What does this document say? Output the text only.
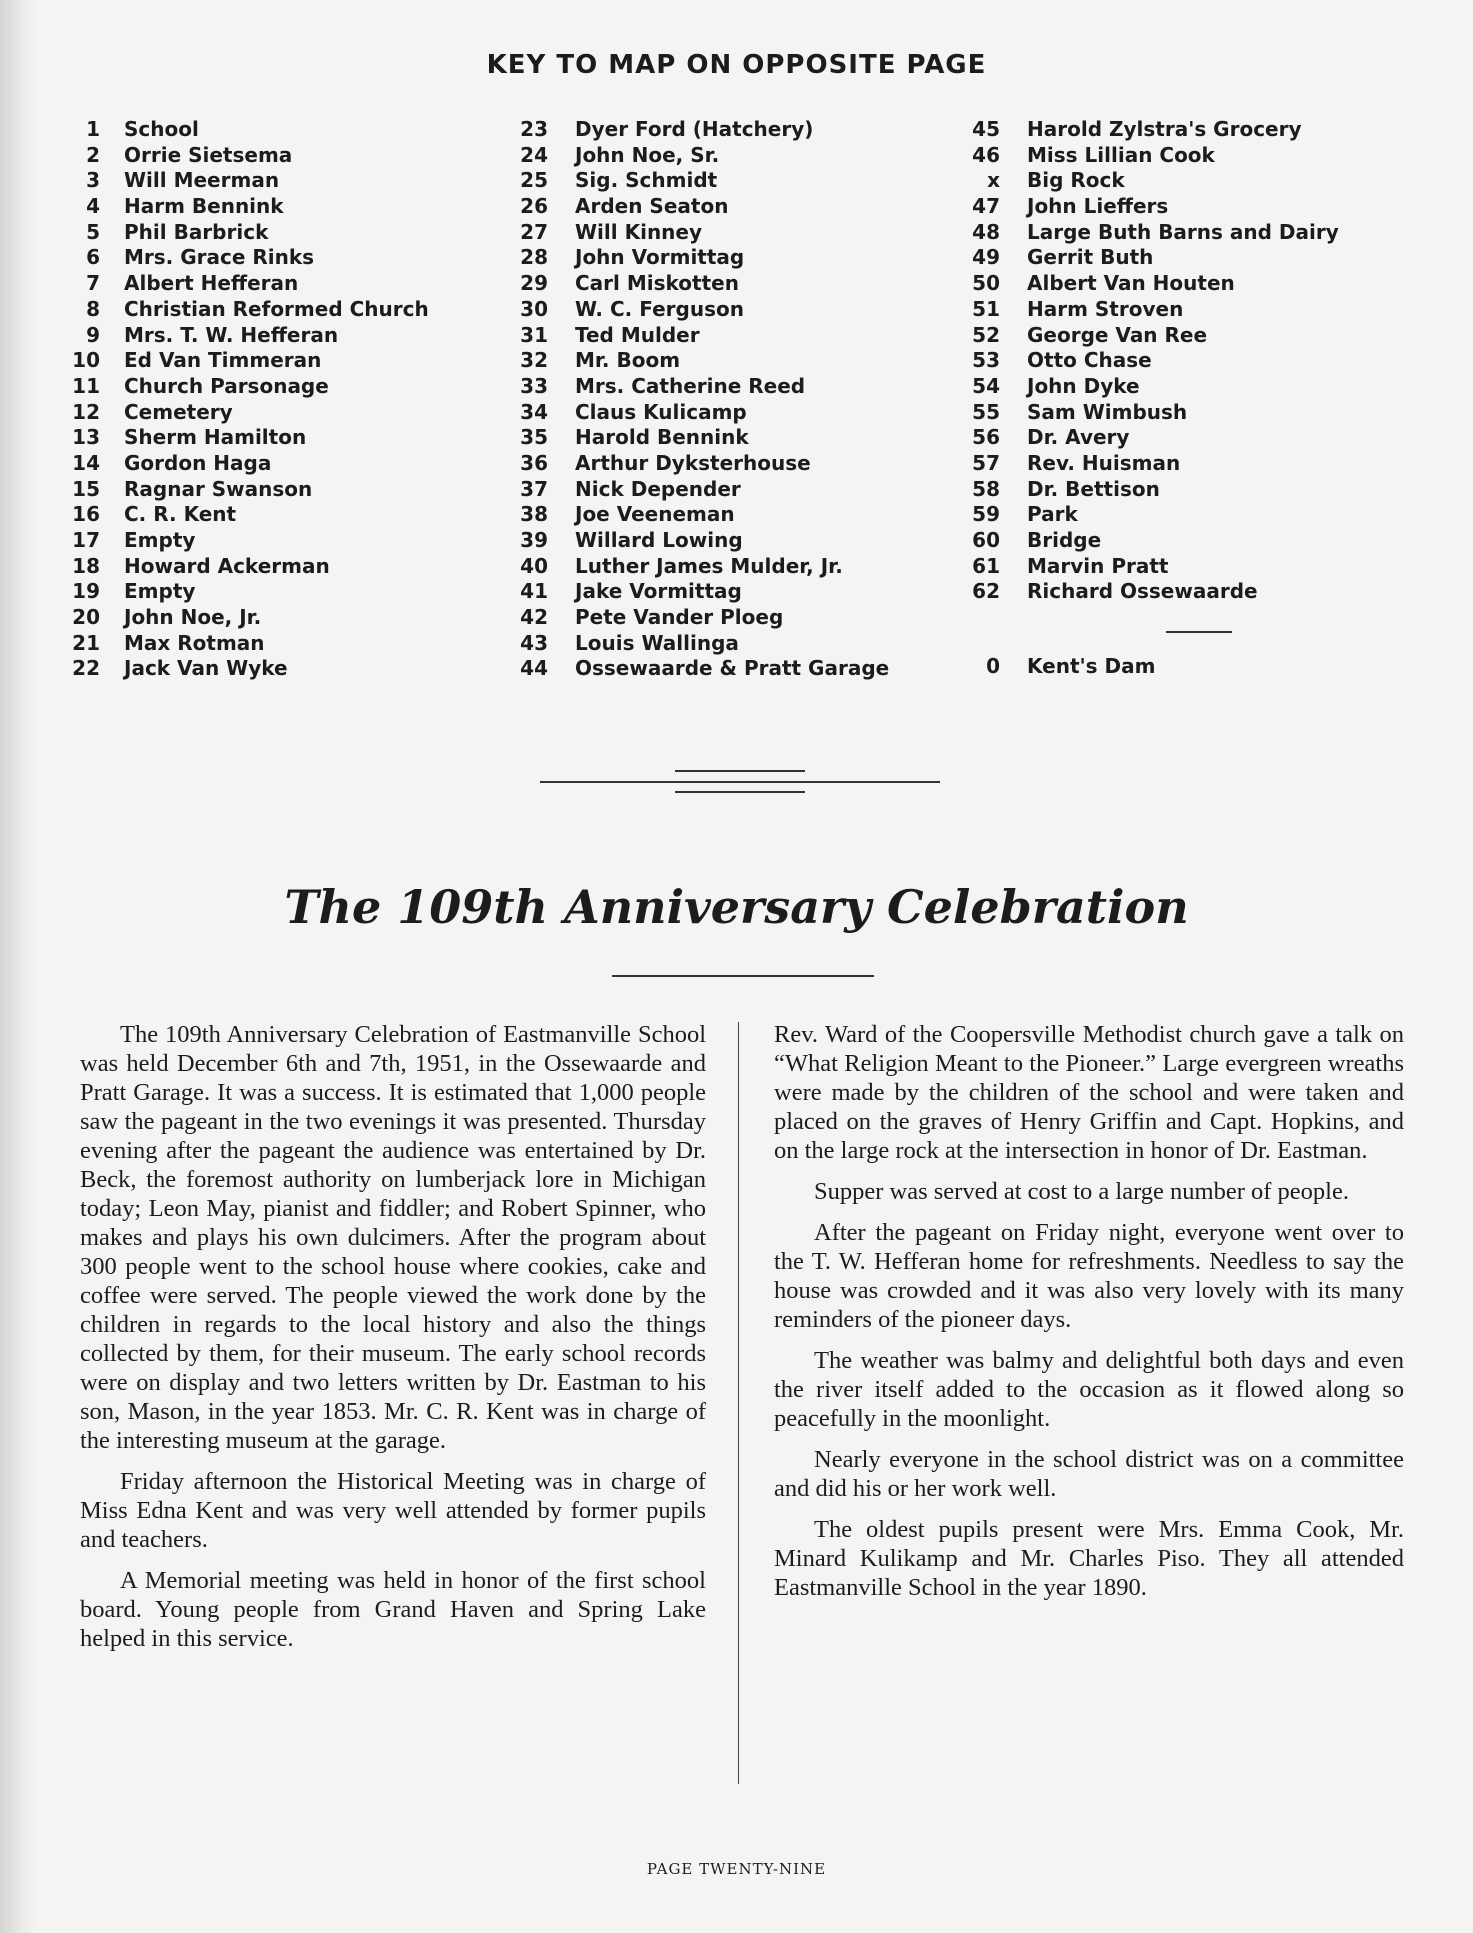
KEY TO MAP ON OPPOSITE PAGE
1 School
2 Orrie Sietsema
3 Will Meerman
4 Harm Bennink
5 Phil Barbrick
6 Mrs. Grace Rinks
7 Albert Hefferan
8 Christian Reformed Church
9 Mrs. T. W. Hefferan
10 Ed Van Timmeran
11 Church Parsonage
12 Cemetery
13 Sherm Hamilton
14 Gordon Haga
15 Ragnar Swanson
16 C. R. Kent
17 Empty
18 Howard Ackerman
19 Empty
20 John Noe, Jr.
21 Max Rotman
22 Jack Van Wyke
23 Dyer Ford (Hatchery)
24 John Noe, Sr.
25 Sig. Schmidt
26 Arden Seaton
27 Will Kinney
28 John Vormittag
29 Carl Miskotten
30 W. C. Ferguson
31 Ted Mulder
32 Mr. Boom
33 Mrs. Catherine Reed
34 Claus Kulicamp
35 Harold Bennink
36 Arthur Dyksterhouse
37 Nick Depender
38 Joe Veeneman
39 Willard Lowing
40 Luther James Mulder, Jr.
41 Jake Vormittag
42 Pete Vander Ploeg
43 Louis Wallinga
44 Ossewaarde & Pratt Garage
45 Harold Zylstra's Grocery
46 Miss Lillian Cook
x Big Rock
47 John Lieffers
48 Large Buth Barns and Dairy
49 Gerrit Buth
50 Albert Van Houten
51 Harm Stroven
52 George Van Ree
53 Otto Chase
54 John Dyke
55 Sam Wimbush
56 Dr. Avery
57 Rev. Huisman
58 Dr. Bettison
59 Park
60 Bridge
61 Marvin Pratt
62 Richard Ossewaarde
0 Kent's Dam
The 109th Anniversary Celebration

The 109th Anniversary Celebration of Eastmanville School was held December 6th and 7th, 1951, in the Ossewaarde and Pratt Garage. It was a success. It is estimated that 1,000 people saw the pageant in the two evenings it was presented. Thursday evening after the pageant the audience was entertained by Dr. Beck, the foremost authority on lumberjack lore in Michigan today; Leon May, pianist and fiddler; and Robert Spinner, who makes and plays his own dulcimers. After the program about 300 people went to the school house where cookies, cake and coffee were served. The people viewed the work done by the children in regards to the local history and also the things collected by them, for their museum. The early school records were on display and two letters written by Dr. Eastman to his son, Mason, in the year 1853. Mr. C. R. Kent was in charge of the interesting museum at the garage.

Friday afternoon the Historical Meeting was in charge of Miss Edna Kent and was very well attended by former pupils and teachers.

A Memorial meeting was held in honor of the first school board. Young people from Grand Haven and Spring Lake helped in this service.

Rev. Ward of the Coopersville Methodist church gave a talk on “What Religion Meant to the Pioneer.” Large evergreen wreaths were made by the children of the school and were taken and placed on the graves of Henry Griffin and Capt. Hopkins, and on the large rock at the intersection in honor of Dr. Eastman.

Supper was served at cost to a large number of people.

After the pageant on Friday night, everyone went over to the T. W. Hefferan home for refreshments. Needless to say the house was crowded and it was also very lovely with its many reminders of the pioneer days.

The weather was balmy and delightful both days and even the river itself added to the occasion as it flowed along so peacefully in the moonlight.

Nearly everyone in the school district was on a committee and did his or her work well.

The oldest pupils present were Mrs. Emma Cook, Mr. Minard Kulikamp and Mr. Charles Piso. They all attended Eastmanville School in the year 1890.

PAGE TWENTY-NINE
